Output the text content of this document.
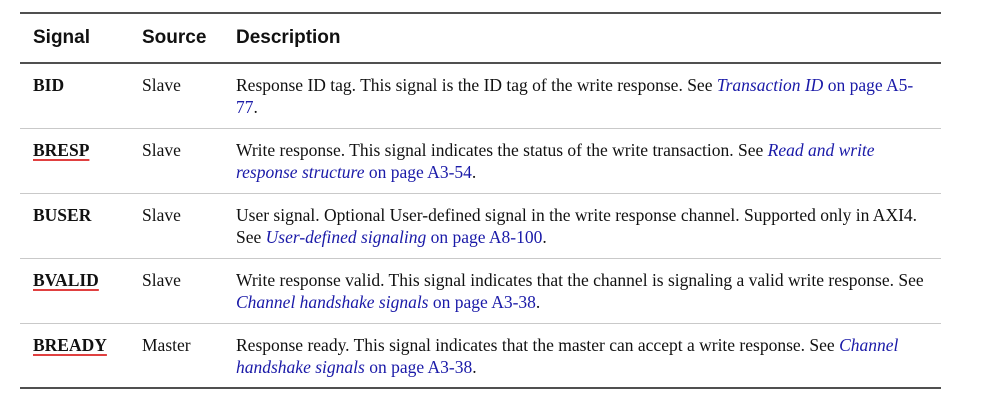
Signal	Source	Description
BID	Slave	Response ID tag. This signal is the ID tag of the write response. See Transaction ID on page A5-77.
BRESP	Slave	Write response. This signal indicates the status of the write transaction. See Read and write response structure on page A3-54.
BUSER	Slave	User signal. Optional User-defined signal in the write response channel. Supported only in AXI4. See User-defined signaling on page A8-100.
BVALID	Slave	Write response valid. This signal indicates that the channel is signaling a valid write response. See Channel handshake signals on page A3-38.
BREADY	Master	Response ready. This signal indicates that the master can accept a write response. See Channel handshake signals on page A3-38.
